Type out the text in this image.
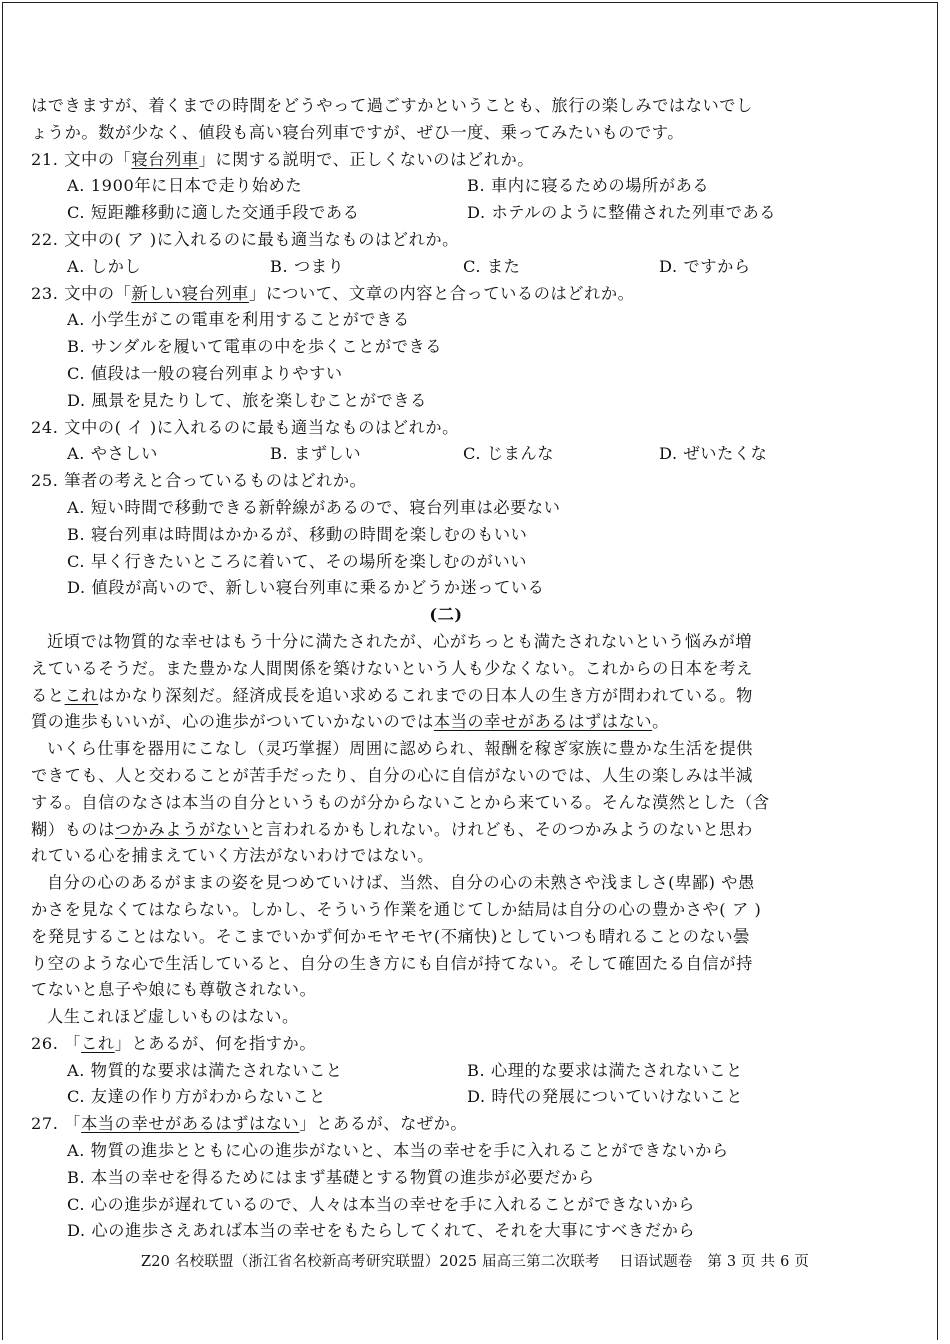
はできますが、着くまでの時間をどうやって過ごすかということも、旅行の楽しみではないでし
ょうか。数が少なく、値段も高い寝台列車ですが、ぜひ一度、乗ってみたいものです。
21. 文中の「寝台列車」に関する説明で、正しくないのはどれか。
A. 1900年に日本で走り始めた	B. 車内に寝るための場所がある
C. 短距離移動に適した交通手段である	D. ホテルのように整備された列車である
22. 文中の( ア )に入れるのに最も適当なものはどれか。
A. しかし	B. つまり	C. また	D. ですから
23. 文中の「新しい寝台列車」について、文章の内容と合っているのはどれか。
A. 小学生がこの電車を利用することができる
B. サンダルを履いて電車の中を歩くことができる
C. 値段は一般の寝台列車よりやすい
D. 風景を見たりして、旅を楽しむことができる
24. 文中の( イ )に入れるのに最も適当なものはどれか。
A. やさしい	B. まずしい	C. じまんな	D. ぜいたくな
25. 筆者の考えと合っているものはどれか。
A. 短い時間で移動できる新幹線があるので、寝台列車は必要ない
B. 寝台列車は時間はかかるが、移動の時間を楽しむのもいい
C. 早く行きたいところに着いて、その場所を楽しむのがいい
D. 値段が高いので、新しい寝台列車に乗るかどうか迷っている
(二)
近頃では物質的な幸せはもう十分に満たされたが、心がちっとも満たされないという悩みが増
えているそうだ。また豊かな人間関係を築けないという人も少なくない。これからの日本を考え
るとこれはかなり深刻だ。経済成長を追い求めるこれまでの日本人の生き方が問われている。物
質の進歩もいいが、心の進歩がついていかないのでは本当の幸せがあるはずはない。
いくら仕事を器用にこなし（灵巧掌握）周囲に認められ、報酬を稼ぎ家族に豊かな生活を提供
できても、人と交わることが苦手だったり、自分の心に自信がないのでは、人生の楽しみは半減
する。自信のなさは本当の自分というものが分からないことから来ている。そんな漠然とした（含
糊）ものはつかみようがないと言われるかもしれない。けれども、そのつかみようのないと思わ
れている心を捕まえていく方法がないわけではない。
自分の心のあるがままの姿を見つめていけば、当然、自分の心の未熟さや浅ましさ(卑鄙) や愚
かさを見なくてはならない。しかし、そういう作業を通じてしか結局は自分の心の豊かさや( ア )
を発見することはない。そこまでいかず何かモヤモヤ(不痛快)としていつも晴れることのない曇
り空のような心で生活していると、自分の生き方にも自信が持てない。そして確固たる自信が持
てないと息子や娘にも尊敬されない。
人生これほど虚しいものはない。
26. 「これ」とあるが、何を指すか。
A. 物質的な要求は満たされないこと	B. 心理的な要求は満たされないこと
C. 友達の作り方がわからないこと	D. 時代の発展についていけないこと
27. 「本当の幸せがあるはずはない」とあるが、なぜか。
A. 物質の進歩とともに心の進歩がないと、本当の幸せを手に入れることができないから
B. 本当の幸せを得るためにはまず基礎とする物質の進歩が必要だから
C. 心の進歩が遅れているので、人々は本当の幸せを手に入れることができないから
D. 心の進歩さえあれば本当の幸せをもたらしてくれて、それを大事にすべきだから
Z20 名校联盟（浙江省名校新高考研究联盟）2025 届高三第二次联考　 日语试题卷　第 3 页 共 6 页
